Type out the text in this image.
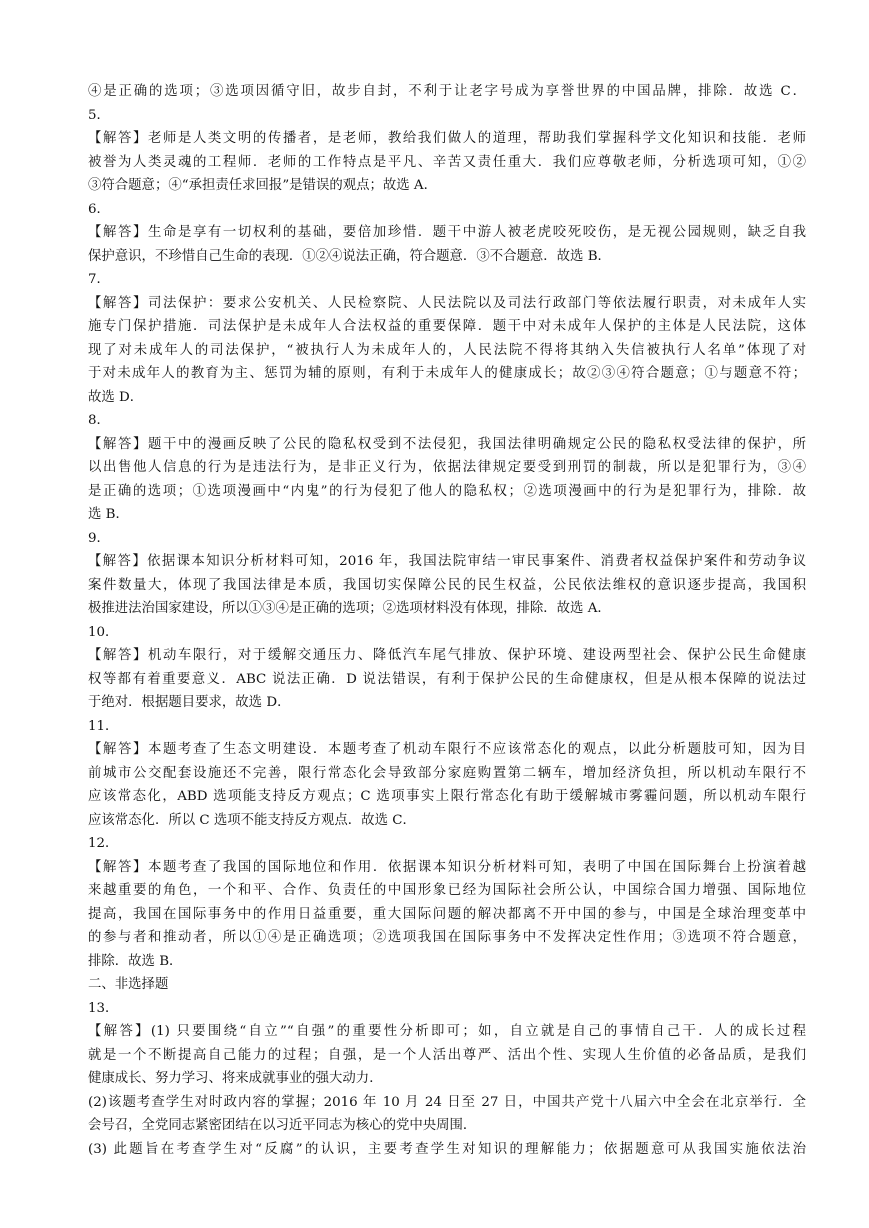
④是正确的选项；③选项因循守旧，故步自封，不利于让老字号成为享誉世界的中国品牌，排除．故选 C．
5．
【解答】老师是人类文明的传播者，是老师，教给我们做人的道理，帮助我们掌握科学文化知识和技能．老师
被誉为人类灵魂的工程师．老师的工作特点是平凡、辛苦又责任重大．我们应尊敬老师，分析选项可知，①②
③符合题意；④“承担责任求回报”是错误的观点；故选 A．
6．
【解答】生命是享有一切权利的基础，要倍加珍惜．题干中游人被老虎咬死咬伤，是无视公园规则，缺乏自我
保护意识，不珍惜自己生命的表现．①②④说法正确，符合题意．③不合题意．故选 B．
7．
【解答】司法保护：要求公安机关、人民检察院、人民法院以及司法行政部门等依法履行职责，对未成年人实
施专门保护措施．司法保护是未成年人合法权益的重要保障．题干中对未成年人保护的主体是人民法院，这体
现了对未成年人的司法保护，“被执行人为未成年人的，人民法院不得将其纳入失信被执行人名单”体现了对
于对未成年人的教育为主、惩罚为辅的原则，有利于未成年人的健康成长；故②③④符合题意；①与题意不符；
故选 D．
8．
【解答】题干中的漫画反映了公民的隐私权受到不法侵犯，我国法律明确规定公民的隐私权受法律的保护，所
以出售他人信息的行为是违法行为，是非正义行为，依据法律规定要受到刑罚的制裁，所以是犯罪行为，③④
是正确的选项；①选项漫画中“内鬼”的行为侵犯了他人的隐私权；②选项漫画中的行为是犯罪行为，排除．故
选 B．
9．
【解答】依据课本知识分析材料可知，2016 年，我国法院审结一审民事案件、消费者权益保护案件和劳动争议
案件数量大，体现了我国法律是本质，我国切实保障公民的民生权益，公民依法维权的意识逐步提高，我国积
极推进法治国家建设，所以①③④是正确的选项；②选项材料没有体现，排除．故选 A．
10．
【解答】机动车限行，对于缓解交通压力、降低汽车尾气排放、保护环境、建设两型社会、保护公民生命健康
权等都有着重要意义．ABC 说法正确．D 说法错误，有利于保护公民的生命健康权，但是从根本保障的说法过
于绝对．根据题目要求，故选 D．
11．
【解答】本题考查了生态文明建设．本题考查了机动车限行不应该常态化的观点，以此分析题肢可知，因为目
前城市公交配套设施还不完善，限行常态化会导致部分家庭购置第二辆车，增加经济负担，所以机动车限行不
应该常态化，ABD 选项能支持反方观点；C 选项事实上限行常态化有助于缓解城市雾霾问题，所以机动车限行
应该常态化．所以 C 选项不能支持反方观点．故选 C．
12．
【解答】本题考查了我国的国际地位和作用．依据课本知识分析材料可知，表明了中国在国际舞台上扮演着越
来越重要的角色，一个和平、合作、负责任的中国形象已经为国际社会所公认，中国综合国力增强、国际地位
提高，我国在国际事务中的作用日益重要，重大国际问题的解决都离不开中国的参与，中国是全球治理变革中
的参与者和推动者，所以①④是正确选项；②选项我国在国际事务中不发挥决定性作用；③选项不符合题意，
排除．故选 B．
二、非选择题
13．
【解答】(1) 只要围绕“自立”“自强”的重要性分析即可；如，自立就是自己的事情自己干．人的成长过程
就是一个不断提高自己能力的过程；自强，是一个人活出尊严、活出个性、实现人生价值的必备品质，是我们
健康成长、努力学习、将来成就事业的强大动力．
(2)该题考查学生对时政内容的掌握；2016 年 10 月 24 日至 27 日，中国共产党十八届六中全会在北京举行．全
会号召，全党同志紧密团结在以习近平同志为核心的党中央周围．
(3) 此题旨在考查学生对“反腐”的认识，主要考查学生对知识的理解能力；依据题意可从我国实施依法治
